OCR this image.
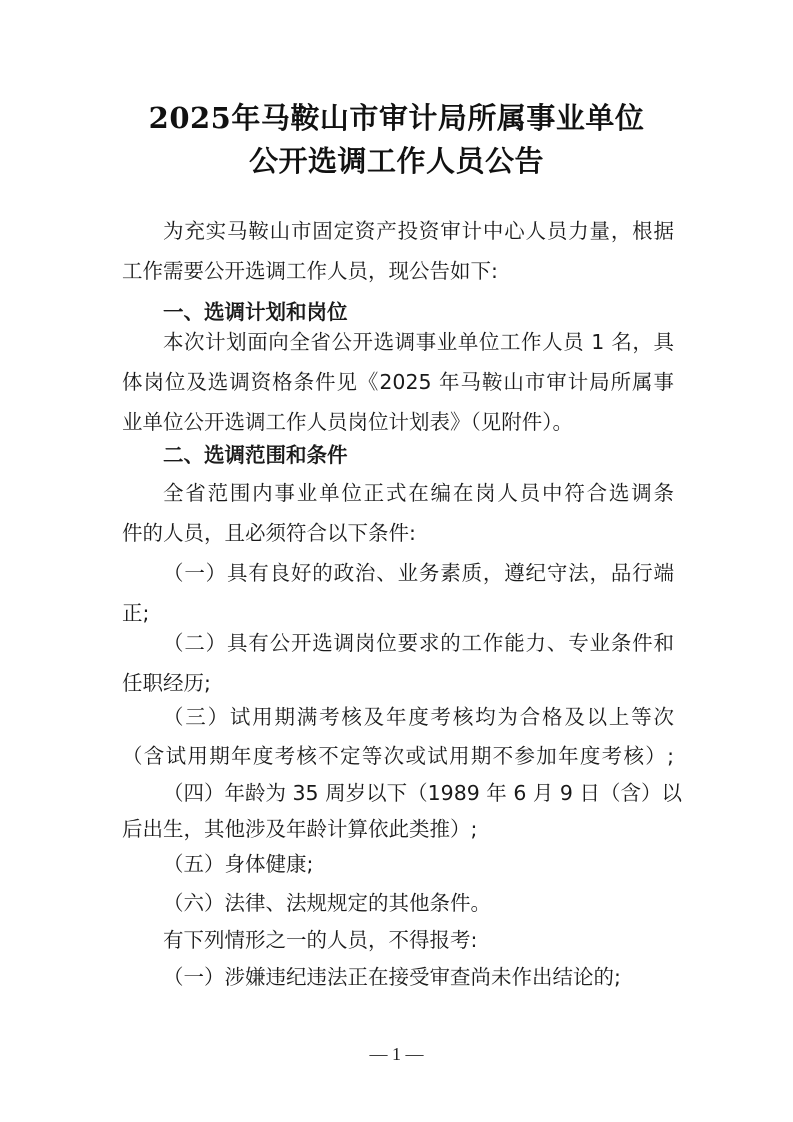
2025年马鞍山市审计局所属事业单位
公开选调工作人员公告
为充实马鞍山市固定资产投资审计中心人员力量，根据
工作需要公开选调工作人员，现公告如下:
一、选调计划和岗位
本次计划面向全省公开选调事业单位工作人员 1 名，具
体岗位及选调资格条件见《2025 年马鞍山市审计局所属事
业单位公开选调工作人员岗位计划表》（见附件）。
二、选调范围和条件
全省范围内事业单位正式在编在岗人员中符合选调条
件的人员，且必须符合以下条件:
（一）具有良好的政治、业务素质，遵纪守法，品行端
正;
（二）具有公开选调岗位要求的工作能力、专业条件和
任职经历;
（三）试用期满考核及年度考核均为合格及以上等次
（含试用期年度考核不定等次或试用期不参加年度考核）;
（四）年龄为 35 周岁以下（1989 年 6 月 9 日（含）以
后出生，其他涉及年龄计算依此类推）;
（五）身体健康;
（六）法律、法规规定的其他条件。
有下列情形之一的人员，不得报考:
（一）涉嫌违纪违法正在接受审查尚未作出结论的;
— 1 —
